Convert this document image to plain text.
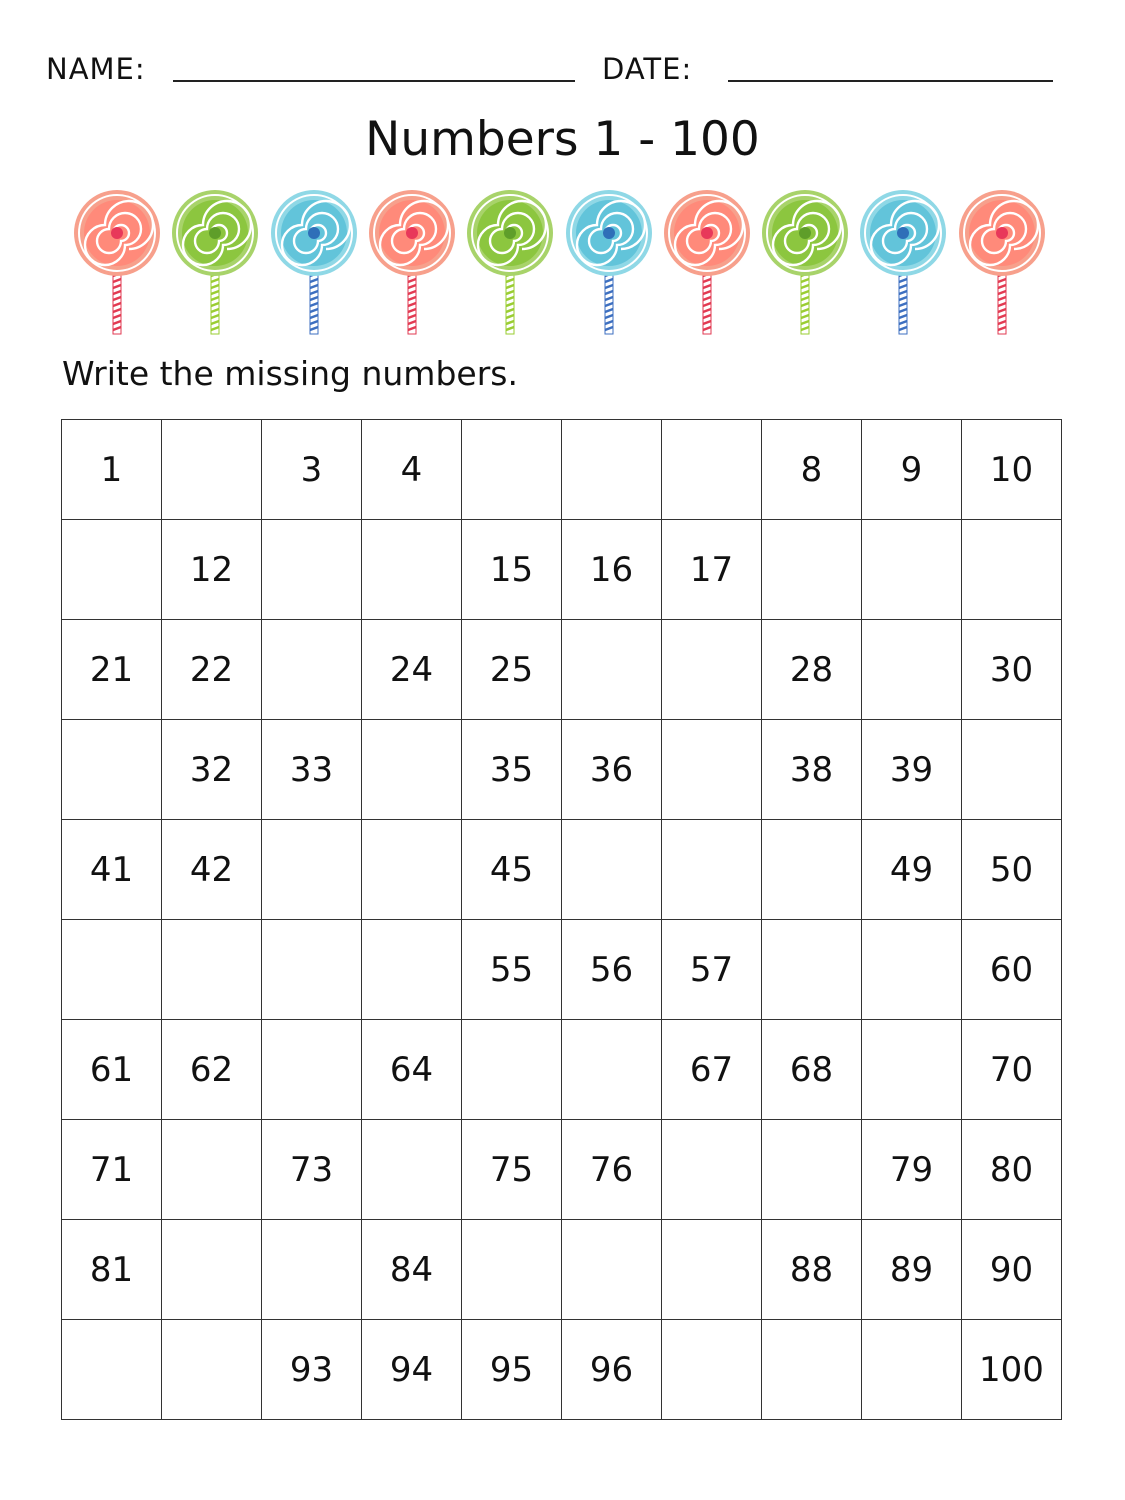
NAME:	DATE:
Numbers 1 - 100
Write the missing numbers.
1		3	4				8	9	10
	12			15	16	17			
21	22		24	25			28		30
	32	33		35	36		38	39	
41	42			45				49	50
				55	56	57			60
61	62		64			67	68		70
71		73		75	76			79	80
81			84				88	89	90
		93	94	95	96				100
